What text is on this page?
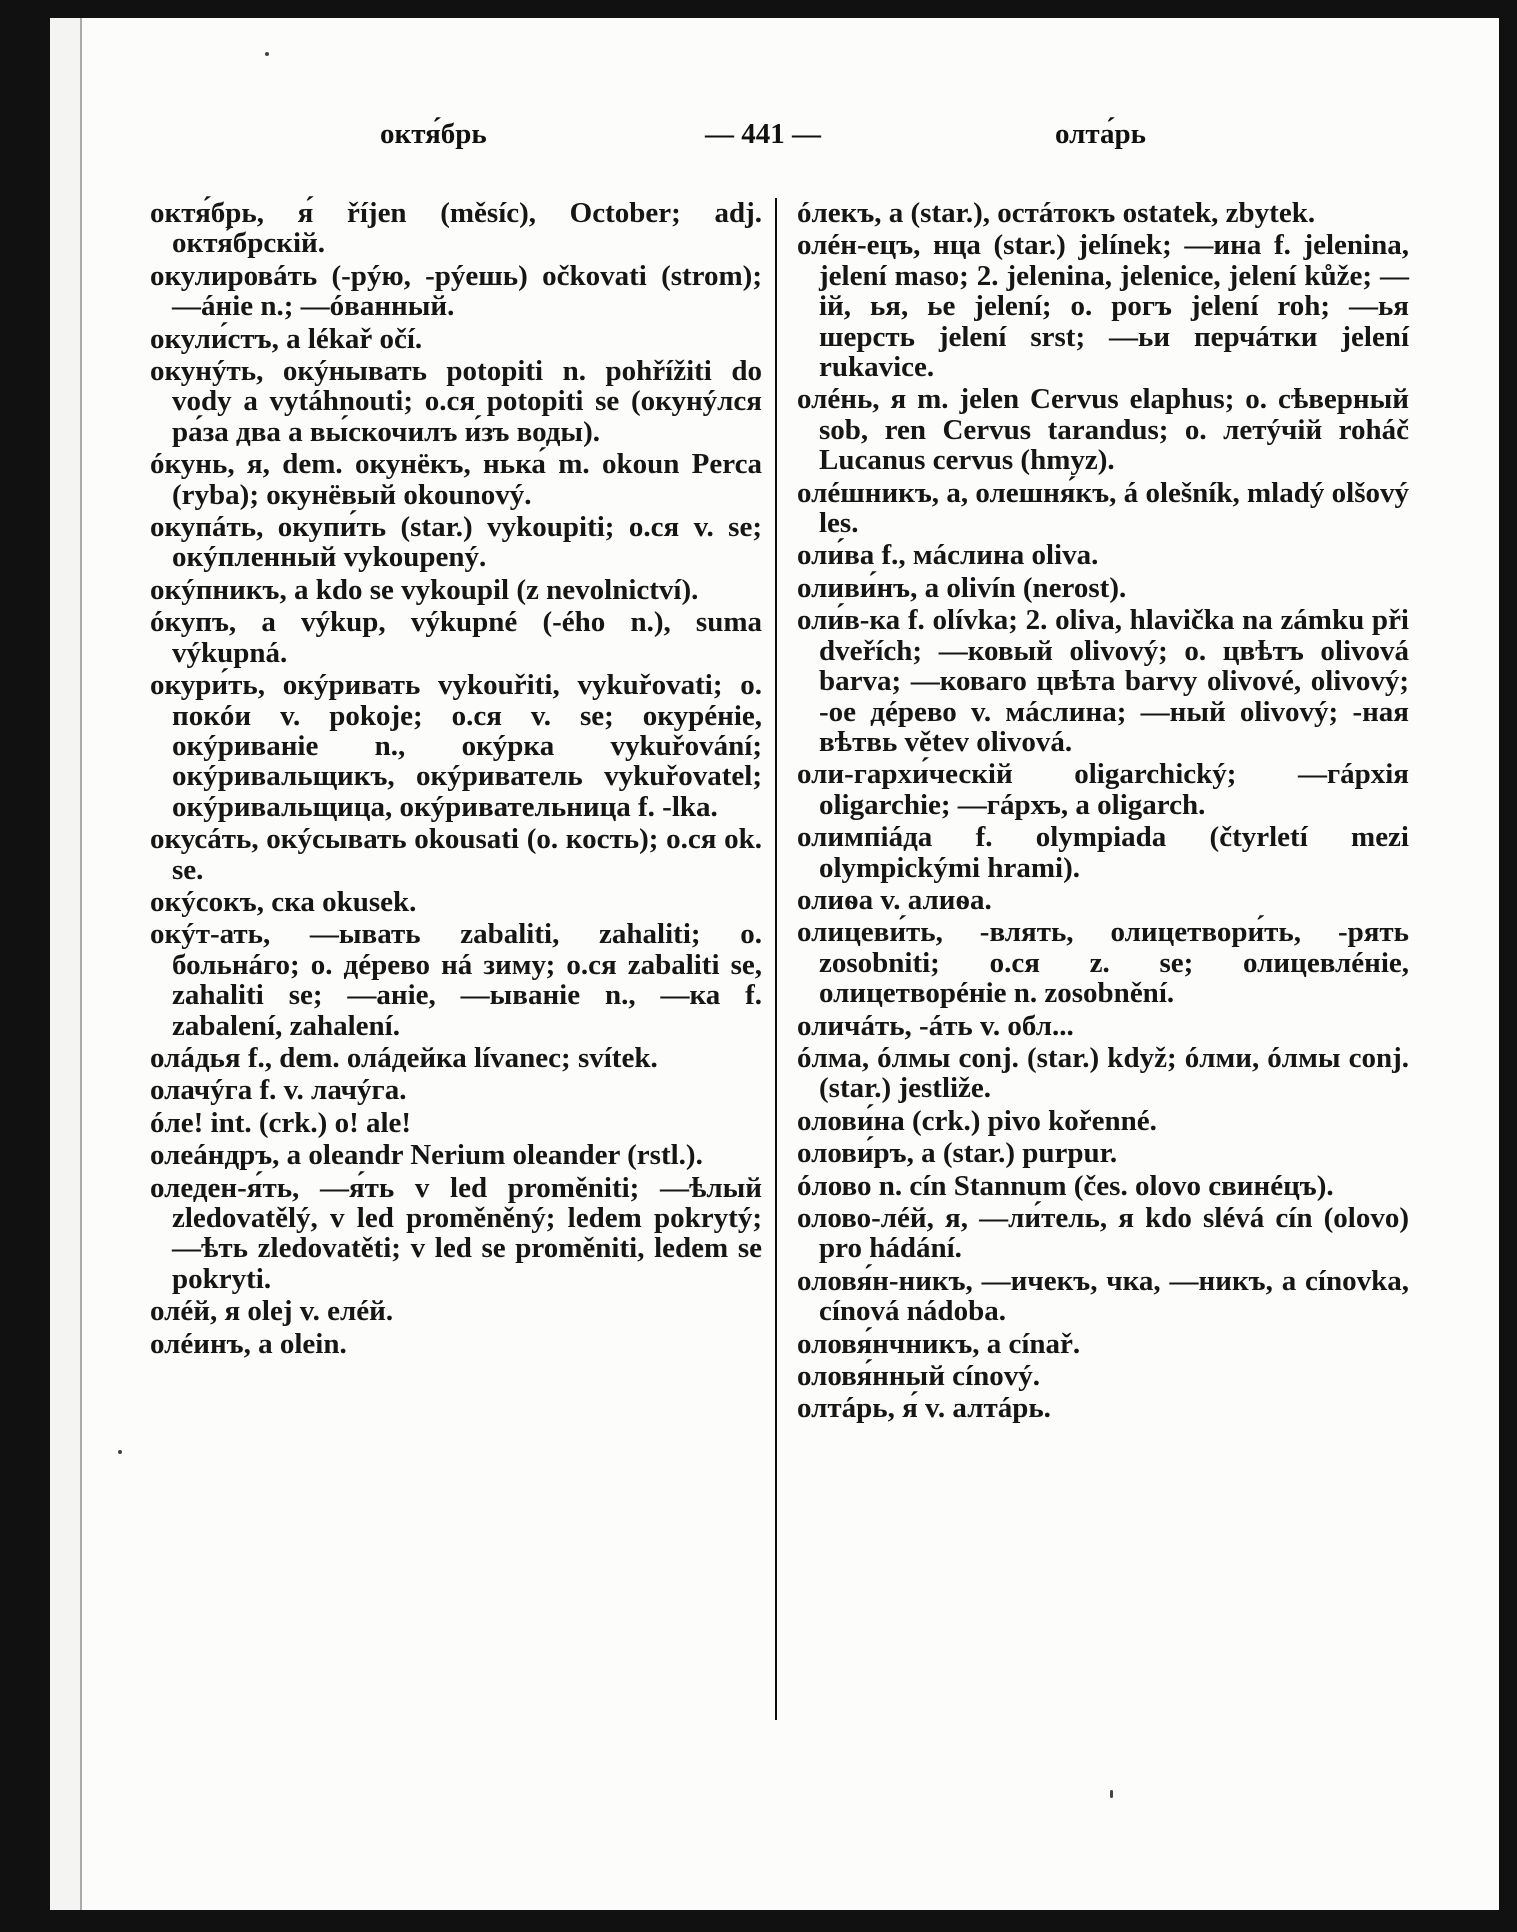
октя́брь	— 441 —	олта́рь

октя́брь, я́ říjen (měsíc), October; adj. октя́брскій.

окулировáть (-рýю, -рýешь) očkovati (strom); —áніе n.; —óванный.

окули́стъ, а lékař očí.

окунýть, окýнывать potopiti n. pohřížiti do vody a vytáhnouti; o.ся potopiti se (окунýлся ра́за два а вы́скочилъ и́зъ воды).

óкунь, я, dem. окунёкъ, нька́ m. okoun Perca (ryba); окунёвый okounový.

окупáть, окупи́ть (star.) vykoupiti; o.ся v. se; окýпленный vykoupený.

окýпникъ, а kdo se vykoupil (z nevolnictví).

óкупъ, а výkup, výkupné (-ého n.), suma výkupná.

окури́ть, окýривать vykouřiti, vykuřovati; o. покóи v. pokoje; o.ся v. se; окурéніе, окýриваніе n., окýрка vykuřování; окýривальщикъ, окýриватель vykuřovatel; окýривальщица, окýривательница f. -lka.

окусáть, окýсывать okousati (o. кость); o.ся ok. se.

окýсокъ, ска okusek.

окýт-ать, —ывать zabaliti, zahaliti; o. больнáго; o. дéрево нá зиму; o.ся zabaliti se, zahaliti se; —аніе, —ываніе n., —ка f. zabalení, zahalení.

олáдья f., dem. олáдейка lívanec; svítek.

олачýга f. v. лачýга.

óле! int. (crk.) o! ale!

олеáндръ, а oleandr Nerium oleander (rstl.).

оледен-я́ть, —я́ть v led proměniti; —ѣлый zledovatělý, v led proměněný; ledem pokrytý; —ѣть zledovatěti; v led se proměniti, ledem se pokryti.

олéй, я olej v. елéй.

олéинъ, а olein.

óлекъ, а (star.), остáтокъ ostatek, zbytek.

олéн-ецъ, нца (star.) jelínek; —ина f. jelenina, jelení maso; 2. jelenina, jelenice, jelení kůže; —ій, ья, ье jelení; o. рогъ jelení roh; —ья шерсть jelení srst; —ьи перчáтки jelení rukavice.

олéнь, я m. jelen Cervus elaphus; o. сѣверный sob, ren Cervus tarandus; o. летýчій roháč Lucanus cervus (hmyz).

олéшникъ, а, олешня́къ, á olešník, mladý olšový les.

оли́ва f., мáслина oliva.

оливи́нъ, а olivín (nerost).

оли́в-ка f. olívka; 2. oliva, hlavička na zámku při dveřích; —ковый olivový; o. цвѣтъ olivová barva; —коваго цвѣта barvy olivové, olivový; -ое дéрево v. мáслина; —ный olivový; -ная вѣтвь větev olivová.

оли-гархи́ческій oligarchický; —гáрхія oligarchie; —гáрхъ, а oligarch.

олимпіáда f. olympiada (čtyrletí mezi olympickými hrami).

олиѳа v. алиѳа.

олицеви́ть, -влять, олицетвори́ть, -рять zosobniti; o.ся z. se; олицевлéніе, олицетворéніе n. zosobnění.

оличáть, -áть v. обл...

óлма, óлмы conj. (star.) když; óлми, óлмы conj. (star.) jestliže.

олови́на (crk.) pivo kořenné.

олови́ръ, а (star.) purpur.

óлово n. cín Stannum (čes. olovo свинéцъ).

олово-лéй, я, —ли́тель, я kdo slévá cín (olovo) pro hádání.

оловя́н-никъ, —ичекъ, чка, —никъ, а cínovka, cínová nádoba.

оловя́нчникъ, а cínař.

оловя́нный cínový.

олтáрь, я́ v. алтáрь.
